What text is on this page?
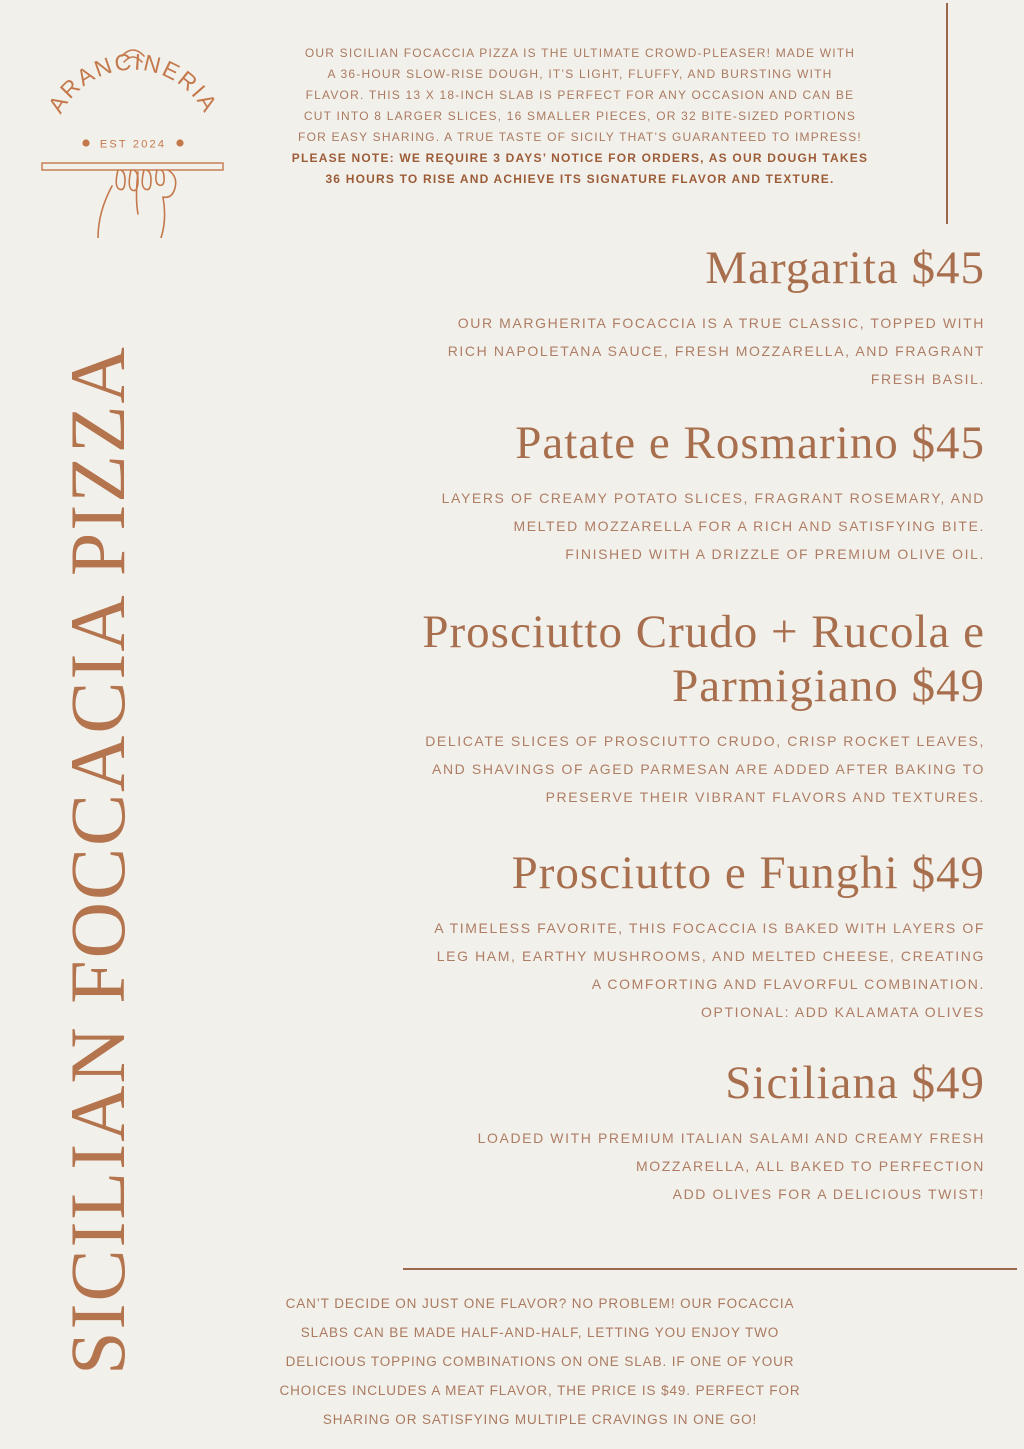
ARANCINERIA
EST 2024
OUR SICILIAN FOCACCIA PIZZA IS THE ULTIMATE CROWD-PLEASER! MADE WITH
A 36-HOUR SLOW-RISE DOUGH, IT’S LIGHT, FLUFFY, AND BURSTING WITH
FLAVOR. THIS 13 X 18-INCH SLAB IS PERFECT FOR ANY OCCASION AND CAN BE
CUT INTO 8 LARGER SLICES, 16 SMALLER PIECES, OR 32 BITE-SIZED PORTIONS
FOR EASY SHARING. A TRUE TASTE OF SICILY THAT’S GUARANTEED TO IMPRESS!
PLEASE NOTE: WE REQUIRE 3 DAYS’ NOTICE FOR ORDERS, AS OUR DOUGH TAKES
36 HOURS TO RISE AND ACHIEVE ITS SIGNATURE FLAVOR AND TEXTURE.
SICILIAN FOCCACIA PIZZA
Margarita $45
OUR MARGHERITA FOCACCIA IS A TRUE CLASSIC, TOPPED WITH
RICH NAPOLETANA SAUCE, FRESH MOZZARELLA, AND FRAGRANT
FRESH BASIL.
Patate e Rosmarino $45
LAYERS OF CREAMY POTATO SLICES, FRAGRANT ROSEMARY, AND
MELTED MOZZARELLA FOR A RICH AND SATISFYING BITE.
FINISHED WITH A DRIZZLE OF PREMIUM OLIVE OIL.
Prosciutto Crudo + Rucola e
Parmigiano $49
DELICATE SLICES OF PROSCIUTTO CRUDO, CRISP ROCKET LEAVES,
AND SHAVINGS OF AGED PARMESAN ARE ADDED AFTER BAKING TO
PRESERVE THEIR VIBRANT FLAVORS AND TEXTURES.
Prosciutto e Funghi $49
A TIMELESS FAVORITE, THIS FOCACCIA IS BAKED WITH LAYERS OF
LEG HAM, EARTHY MUSHROOMS, AND MELTED CHEESE, CREATING
A COMFORTING AND FLAVORFUL COMBINATION.
OPTIONAL: ADD KALAMATA OLIVES
Siciliana $49
LOADED WITH PREMIUM ITALIAN SALAMI AND CREAMY FRESH
MOZZARELLA, ALL BAKED TO PERFECTION
ADD OLIVES FOR A DELICIOUS TWIST!
CAN’T DECIDE ON JUST ONE FLAVOR? NO PROBLEM! OUR FOCACCIA
SLABS CAN BE MADE HALF-AND-HALF, LETTING YOU ENJOY TWO
DELICIOUS TOPPING COMBINATIONS ON ONE SLAB. IF ONE OF YOUR
CHOICES INCLUDES A MEAT FLAVOR, THE PRICE IS $49. PERFECT FOR
SHARING OR SATISFYING MULTIPLE CRAVINGS IN ONE GO!
